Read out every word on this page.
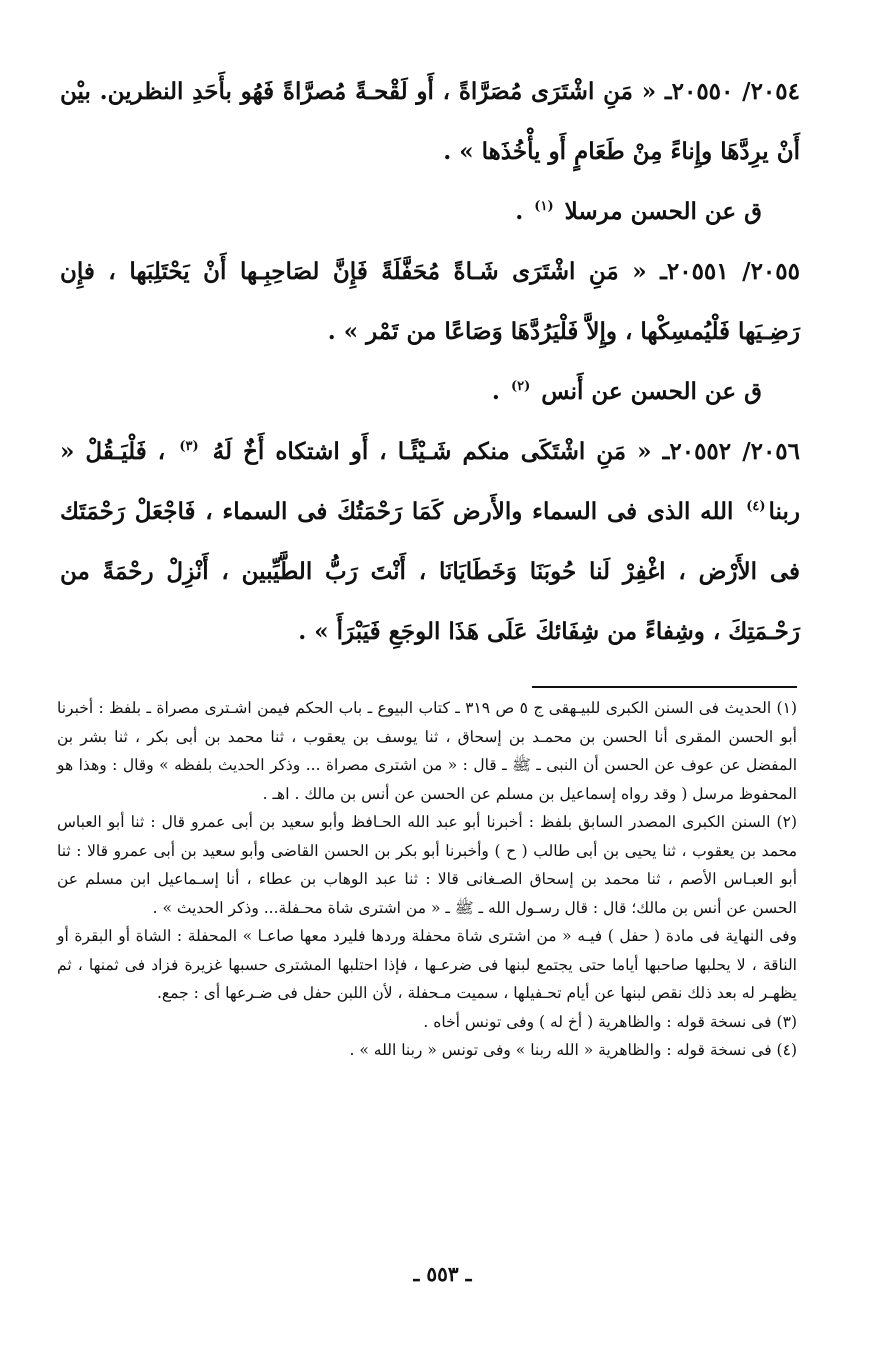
٢٠٥٤/ ٢٠٥٥٠ـ « مَنِ اشْتَرَى مُصَرَّاةً ، أَو لَقْحـةً مُصرَّاةً فَهُو بأَحَدِ النظرين. بيْن أَنْ يرِدَّهَا وإِناءً مِنْ طَعَامٍ أَو يأْخُذَها » .

ق عن الحسن مرسلا $^{(١)}$ .

٢٠٥٥/ ٢٠٥٥١ـ « مَنِ اشْتَرَى شَـاةً مُحَفَّلَةً فَإِنَّ لصَاحِبِـها أَنْ يَحْتَلِبَها ، فإِن رَضِـيَها فَلْيُمسِكْها ، وإِلاَّ فَلْيَرُدَّهَا وَصَاعًا من تَمْر » .

ق عن الحسن عن أَنس $^{(٢)}$ .

٢٠٥٦/ ٢٠٥٥٢ـ « مَنِ اشْتَكَى منكم شَـيْئًـا ، أَو اشتكاه أَخٌ لَهُ $^{(٣)}$ ، فَلْيَـقُلْ « ربنا$^{(٤)}$ الله الذى فى السماء والأَرض كَمَا رَحْمَتُكَ فى السماء ، فَاجْعَلْ رَحْمَتَك فى الأَرْض ، اغْفِرْ لَنا حُوبَنَا وَخَطَايَانَا ، أَنْتَ رَبُّ الطَّيِّبين ، أَنْزِلْ رحْمَةً من رَحْـمَتِكَ ، وشِفاءً من شِفَائكَ عَلَى هَذَا الوجَعِ فَيَبْرَأَ » .

(١) الحديث فى السنن الكبرى للبيـهقى ج ٥ ص ٣١٩ ـ كتاب البيوع ـ باب الحكم فيمن اشـترى مصراة ـ بلفظ : أخبرنا أبو الحسن المقرى أنا الحسن بن محمـد بن إسحاق ، ثنا يوسف بن يعقوب ، ثنا محمد بن أبى بكر ، ثنا بشر بن المفضل عن عوف عن الحسن أن النبى ـ ﷺ ـ قال : « من اشترى مصراة ... وذكر الحديث بلفظه » وقال : وهذا هو المحفوظ مرسل ( وقد رواه إسماعيل بن مسلم عن الحسن عن أنس بن مالك . اهـ .

(٢) السنن الكبرى المصدر السابق بلفظ : أخبرنا أبو عبد الله الحـافظ وأبو سعيد بن أبى عمرو قال : ثنا أبو العباس محمد بن يعقوب ، ثنا يحيى بن أبى طالب ( ح ) وأخبرنا أبو بكر بن الحسن القاضى وأبو سعيد بن أبى عمرو قالا : ثنا أبو العبـاس الأصم ، ثنا محمد بن إسحاق الصـغانى قالا : ثنا عبد الوهاب بن عطاء ، أنا إسـماعيل ابن مسلم عن الحسن عن أنس بن مالك؛ قال : قال رسـول الله ـ ﷺ ـ « من اشترى شاة محـفلة... وذكر الحديث » .

وفى النهاية فى مادة ( حفل ) فيـه « من اشترى شاة محفلة وردها فليرد معها صاعـا » المحفلة : الشاة أو البقرة أو الناقة ، لا يحلبها صاحبها أياما حتى يجتمع لبنها فى ضرعـها ، فإذا احتلبها المشترى حسبها غزيرة فزاد فى ثمنها ، ثم يظهـر له بعد ذلك نقص لبنها عن أيام تحـفيلها ، سميت مـحفلة ، لأن اللبن حفل فى ضـرعها أى : جمع.

(٣) فى نسخة قوله : والظاهرية ( أخ له ) وفى تونس أخاه .

(٤) فى نسخة قوله : والظاهرية « الله ربنا » وفى تونس « ربنا الله » .

ـ ٥٥٣ ـ
